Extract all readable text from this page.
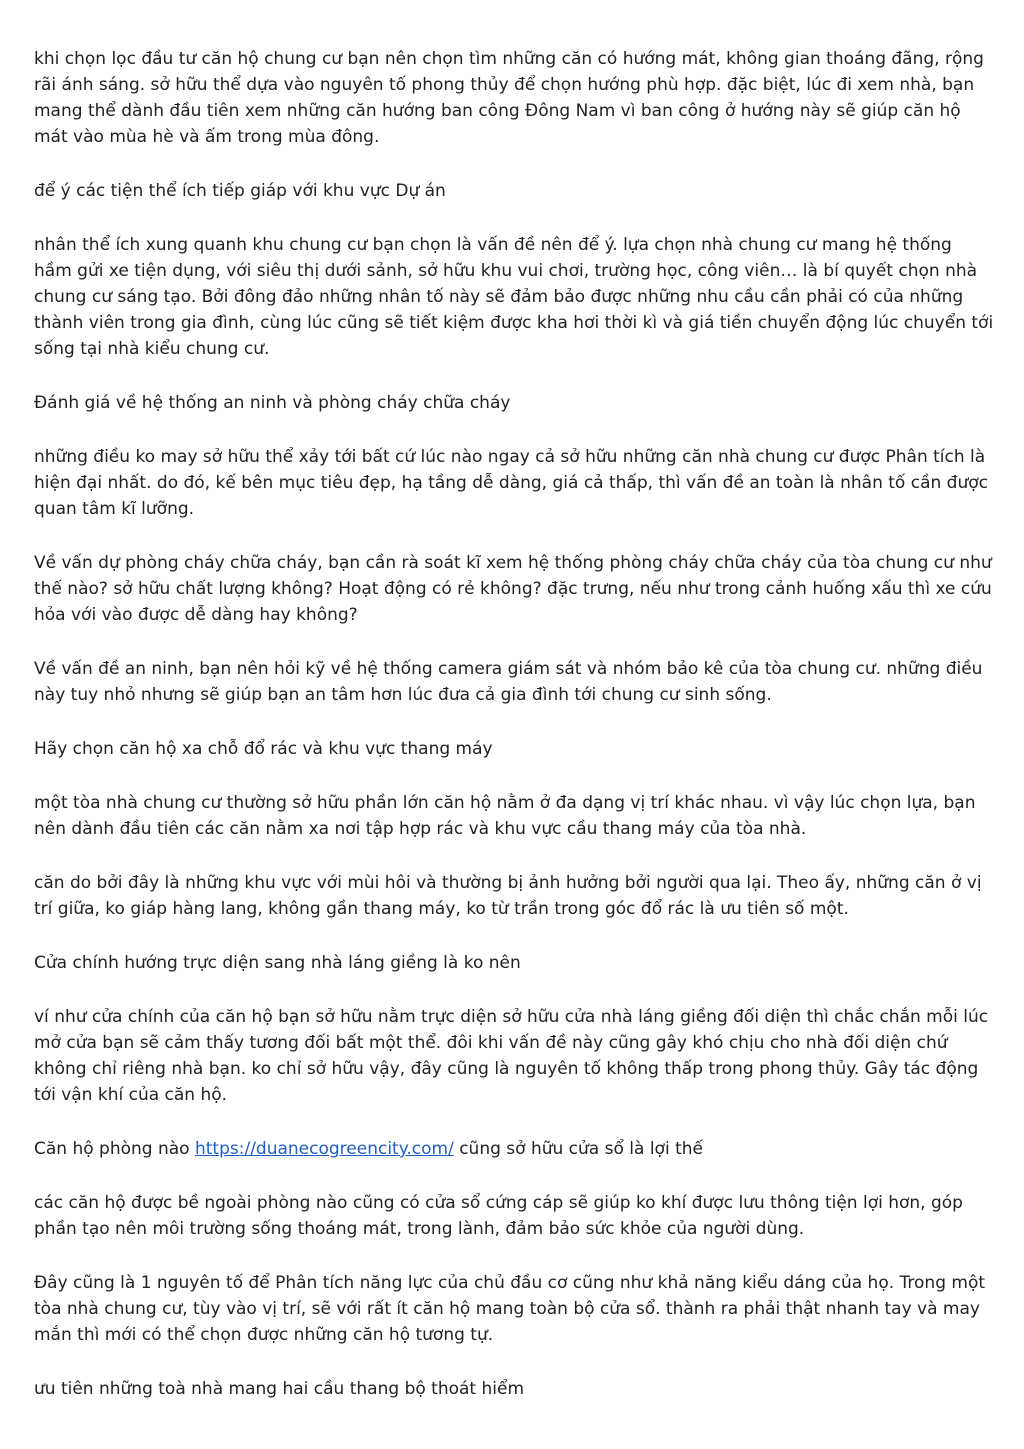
khi chọn lọc đầu tư căn hộ chung cư bạn nên chọn tìm những căn có hướng mát, không gian thoáng đãng, rộng rãi ánh sáng. sở hữu thể dựa vào nguyên tố phong thủy để chọn hướng phù hợp. đặc biệt, lúc đi xem nhà, bạn mang thể dành đầu tiên xem những căn hướng ban công Đông Nam vì ban công ở hướng này sẽ giúp căn hộ mát vào mùa hè và ấm trong mùa đông.

để ý các tiện thể ích tiếp giáp với khu vực Dự án

nhân thể ích xung quanh khu chung cư bạn chọn là vấn đề nên để ý. lựa chọn nhà chung cư mang hệ thống hầm gửi xe tiện dụng, với siêu thị dưới sảnh, sở hữu khu vui chơi, trường học, công viên… là bí quyết chọn nhà chung cư sáng tạo. Bởi đông đảo những nhân tố này sẽ đảm bảo được những nhu cầu cần phải có của những thành viên trong gia đình, cùng lúc cũng sẽ tiết kiệm được kha hơi thời kì và giá tiền chuyển động lúc chuyển tới sống tại nhà kiểu chung cư.

Đánh giá về hệ thống an ninh và phòng cháy chữa cháy

những điều ko may sở hữu thể xảy tới bất cứ lúc nào ngay cả sở hữu những căn nhà chung cư được Phân tích là hiện đại nhất. do đó, kế bên mục tiêu đẹp, hạ tầng dễ dàng, giá cả thấp, thì vấn đề an toàn là nhân tố cần được quan tâm kĩ lưỡng.

Về vấn dự phòng cháy chữa cháy, bạn cần rà soát kĩ xem hệ thống phòng cháy chữa cháy của tòa chung cư như thế nào? sở hữu chất lượng không? Hoạt động có rẻ không? đặc trưng, nếu như trong cảnh huống xấu thì xe cứu hỏa với vào được dễ dàng hay không?

Về vấn đề an ninh, bạn nên hỏi kỹ về hệ thống camera giám sát và nhóm bảo kê của tòa chung cư. những điều này tuy nhỏ nhưng sẽ giúp bạn an tâm hơn lúc đưa cả gia đình tới chung cư sinh sống.

Hãy chọn căn hộ xa chỗ đổ rác và khu vực thang máy

một tòa nhà chung cư thường sở hữu phần lớn căn hộ nằm ở đa dạng vị trí khác nhau. vì vậy lúc chọn lựa, bạn nên dành đầu tiên các căn nằm xa nơi tập hợp rác và khu vực cầu thang máy của tòa nhà.

căn do bởi đây là những khu vực với mùi hôi và thường bị ảnh hưởng bởi người qua lại. Theo ấy, những căn ở vị trí giữa, ko giáp hàng lang, không gần thang máy, ko từ trần trong góc đổ rác là ưu tiên số một.

Cửa chính hướng trực diện sang nhà láng giềng là ko nên

ví như cửa chính của căn hộ bạn sở hữu nằm trực diện sở hữu cửa nhà láng giềng đối diện thì chắc chắn mỗi lúc mở cửa bạn sẽ cảm thấy tương đối bất một thể. đôi khi vấn đề này cũng gây khó chịu cho nhà đối diện chứ không chỉ riêng nhà bạn. ko chỉ sở hữu vậy, đây cũng là nguyên tố không thấp trong phong thủy. Gây tác động tới vận khí của căn hộ.

Căn hộ phòng nào https://duanecogreencity.com/ cũng sở hữu cửa sổ là lợi thế

các căn hộ được bề ngoài phòng nào cũng có cửa sổ cứng cáp sẽ giúp ko khí được lưu thông tiện lợi hơn, góp phần tạo nên môi trường sống thoáng mát, trong lành, đảm bảo sức khỏe của người dùng.

Đây cũng là 1 nguyên tố để Phân tích năng lực của chủ đầu cơ cũng như khả năng kiểu dáng của họ. Trong một tòa nhà chung cư, tùy vào vị trí, sẽ với rất ít căn hộ mang toàn bộ cửa sổ. thành ra phải thật nhanh tay và may mắn thì mới có thể chọn được những căn hộ tương tự.

ưu tiên những toà nhà mang hai cầu thang bộ thoát hiểm
